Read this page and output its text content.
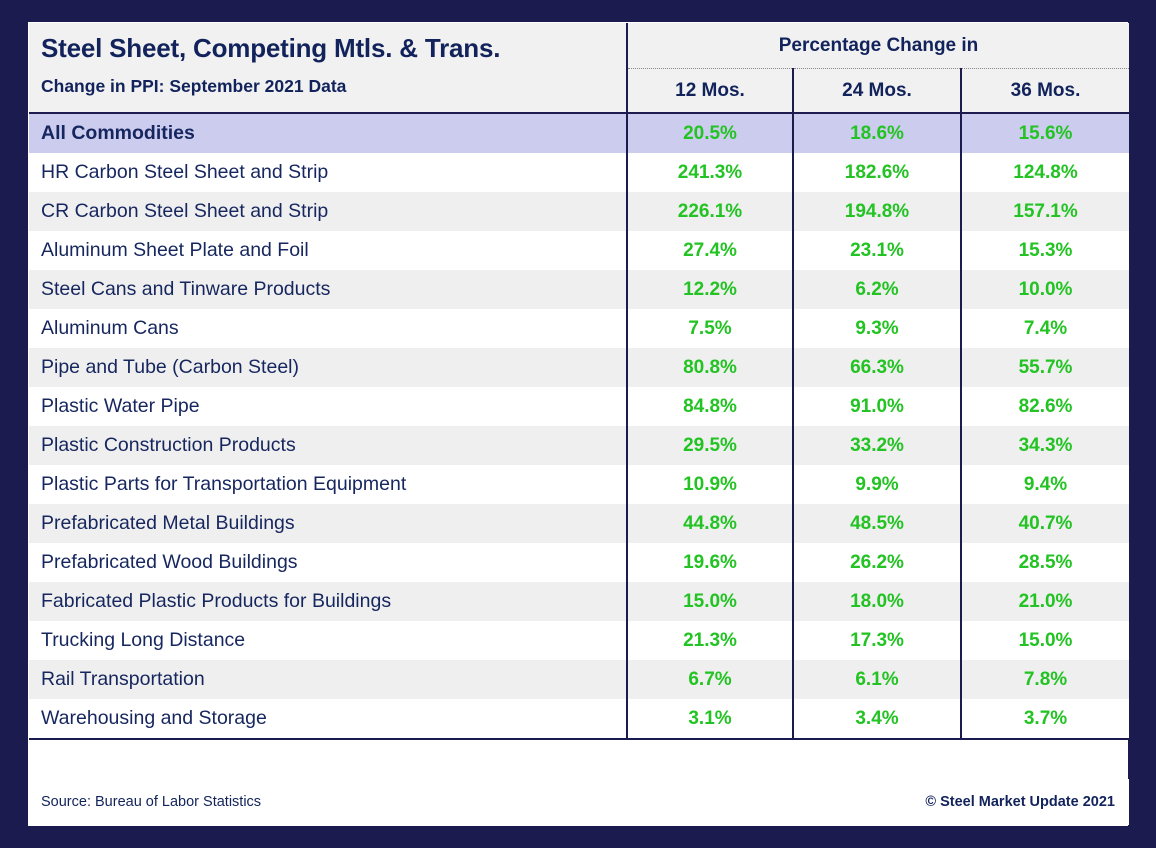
Steel Sheet, Competing Mtls. & Trans.
Change in PPI: September 2021 Data	Percentage Change in		
	12 Mos.	24 Mos.	36 Mos.
All Commodities	20.5%	18.6%	15.6%
HR Carbon Steel Sheet and Strip	241.3%	182.6%	124.8%
CR Carbon Steel Sheet and Strip	226.1%	194.8%	157.1%
Aluminum Sheet Plate and Foil	27.4%	23.1%	15.3%
Steel Cans and Tinware Products	12.2%	6.2%	10.0%
Aluminum Cans	7.5%	9.3%	7.4%
Pipe and Tube (Carbon Steel)	80.8%	66.3%	55.7%
Plastic Water Pipe	84.8%	91.0%	82.6%
Plastic Construction Products	29.5%	33.2%	34.3%
Plastic Parts for Transportation Equipment	10.9%	9.9%	9.4%
Prefabricated Metal Buildings	44.8%	48.5%	40.7%
Prefabricated Wood Buildings	19.6%	26.2%	28.5%
Fabricated Plastic Products for Buildings	15.0%	18.0%	21.0%
Trucking Long Distance	21.3%	17.3%	15.0%
Rail Transportation	6.7%	6.1%	7.8%
Warehousing and Storage	3.1%	3.4%	3.7%
Source: Bureau of Labor Statistics	© Steel Market Update 2021
